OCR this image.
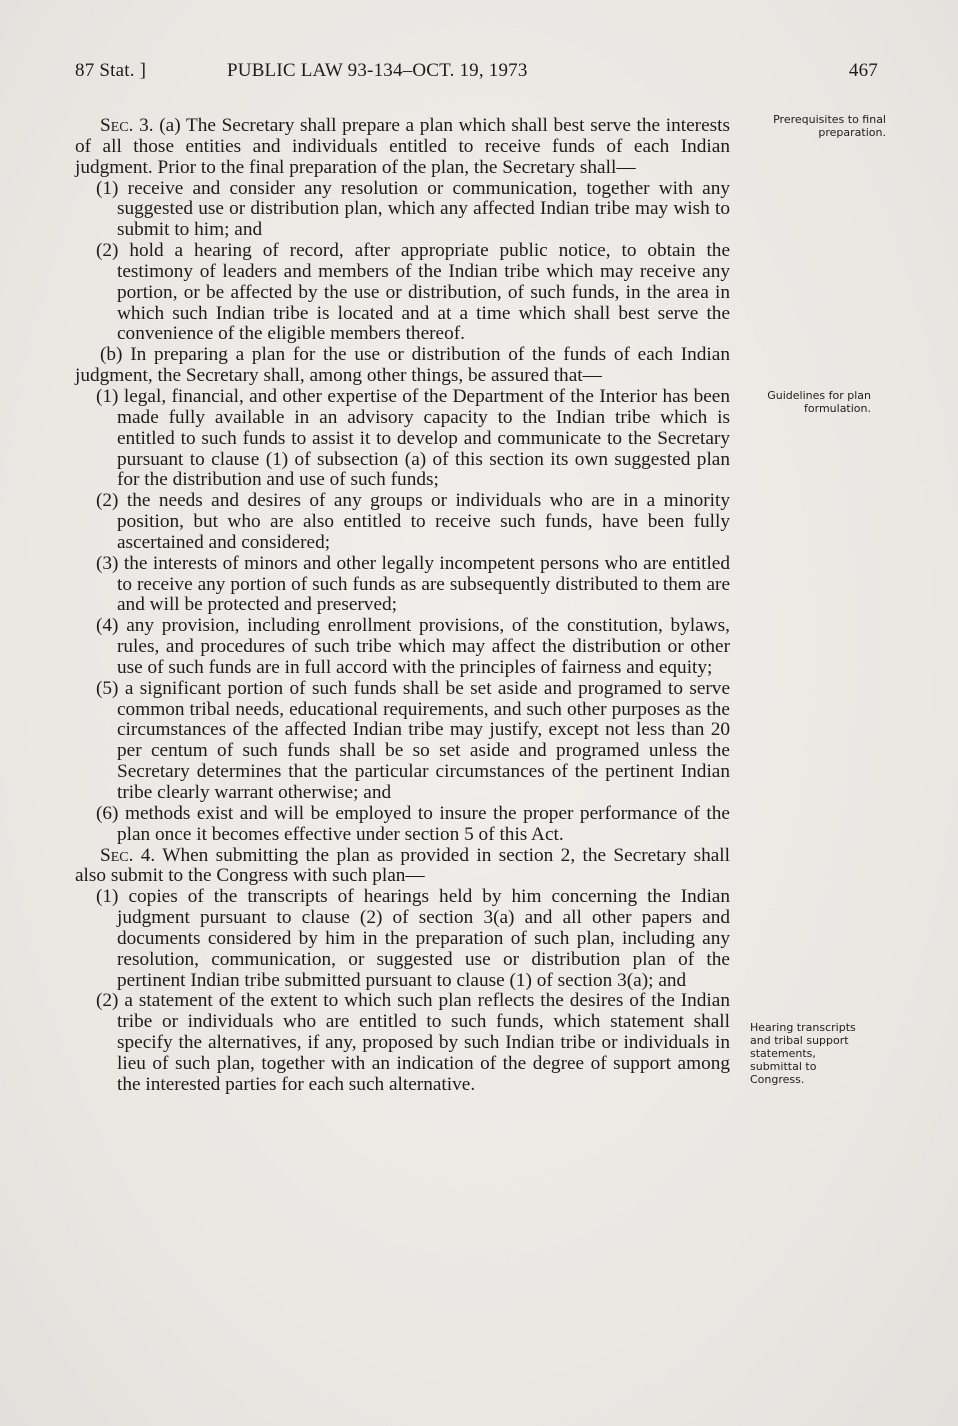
87 Stat. ]	PUBLIC LAW 93-134–OCT. 19, 1973	467

Sec. 3. (a) The Secretary shall prepare a plan which shall best serve the interests of all those entities and individuals entitled to receive funds of each Indian judgment. Prior to the final preparation of the plan, the Secretary shall—

(1) receive and consider any resolution or communication, together with any suggested use or distribution plan, which any affected Indian tribe may wish to submit to him; and

(2) hold a hearing of record, after appropriate public notice, to obtain the testimony of leaders and members of the Indian tribe which may receive any portion, or be affected by the use or distribution, of such funds, in the area in which such Indian tribe is located and at a time which shall best serve the convenience of the eligible members thereof.

(b) In preparing a plan for the use or distribution of the funds of each Indian judgment, the Secretary shall, among other things, be assured that—

(1) legal, financial, and other expertise of the Department of the Interior has been made fully available in an advisory capacity to the Indian tribe which is entitled to such funds to assist it to develop and communicate to the Secretary pursuant to clause (1) of subsection (a) of this section its own suggested plan for the distribution and use of such funds;

(2) the needs and desires of any groups or individuals who are in a minority position, but who are also entitled to receive such funds, have been fully ascertained and considered;

(3) the interests of minors and other legally incompetent persons who are entitled to receive any portion of such funds as are subsequently distributed to them are and will be protected and preserved;

(4) any provision, including enrollment provisions, of the constitution, bylaws, rules, and procedures of such tribe which may affect the distribution or other use of such funds are in full accord with the principles of fairness and equity;

(5) a significant portion of such funds shall be set aside and programed to serve common tribal needs, educational requirements, and such other purposes as the circumstances of the affected Indian tribe may justify, except not less than 20 per centum of such funds shall be so set aside and programed unless the Secretary determines that the particular circumstances of the pertinent Indian tribe clearly warrant otherwise; and

(6) methods exist and will be employed to insure the proper performance of the plan once it becomes effective under section 5 of this Act.

Sec. 4. When submitting the plan as provided in section 2, the Secretary shall also submit to the Congress with such plan—

(1) copies of the transcripts of hearings held by him concerning the Indian judgment pursuant to clause (2) of section 3(a) and all other papers and documents considered by him in the preparation of such plan, including any resolution, communication, or suggested use or distribution plan of the pertinent Indian tribe submitted pursuant to clause (1) of section 3(a); and

(2) a statement of the extent to which such plan reflects the desires of the Indian tribe or individuals who are entitled to such funds, which statement shall specify the alternatives, if any, proposed by such Indian tribe or individuals in lieu of such plan, together with an indication of the degree of support among the interested parties for each such alternative.

Prerequisites to final preparation.
Guidelines for plan formulation.
Hearing transcripts and tribal support statements, submittal to Congress.
